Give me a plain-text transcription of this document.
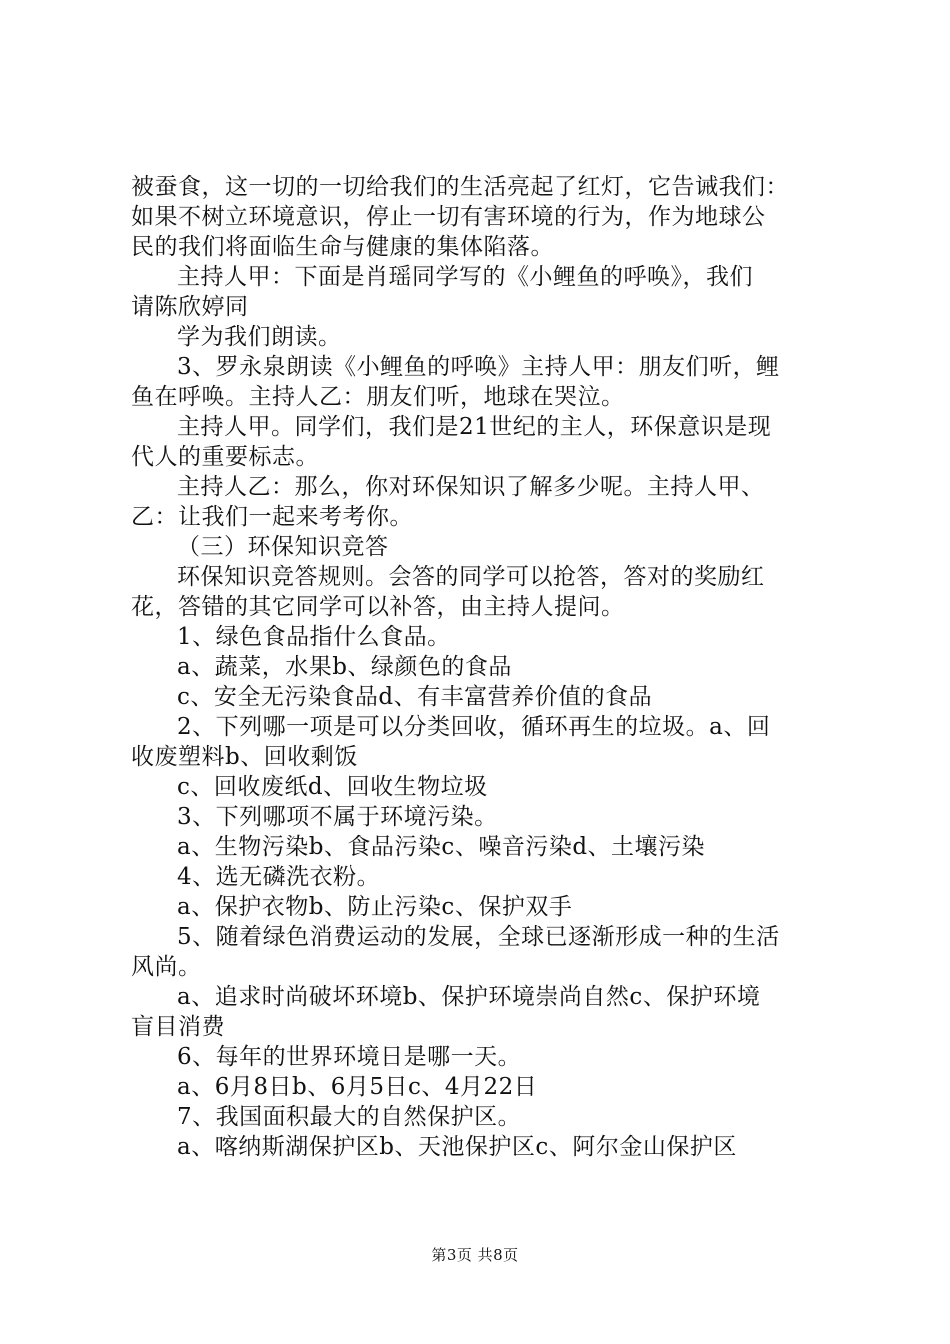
被蚕食，这一切的一切给我们的生活亮起了红灯，它告诫我们：
如果不树立环境意识，停止一切有害环境的行为，作为地球公
民的我们将面临生命与健康的集体陷落。
主持人甲：下面是肖瑶同学写的《小鲤鱼的呼唤》，我们
请陈欣婷同
学为我们朗读。
3、罗永泉朗读《小鲤鱼的呼唤》主持人甲：朋友们听，鲤
鱼在呼唤。主持人乙：朋友们听，地球在哭泣。
主持人甲。同学们，我们是21世纪的主人，环保意识是现
代人的重要标志。
主持人乙：那么，你对环保知识了解多少呢。主持人甲、
乙：让我们一起来考考你。
（三）环保知识竞答
环保知识竞答规则。会答的同学可以抢答，答对的奖励红
花，答错的其它同学可以补答，由主持人提问。
1、绿色食品指什么食品。
a、蔬菜，水果b、绿颜色的食品
c、安全无污染食品d、有丰富营养价值的食品
2、下列哪一项是可以分类回收，循环再生的垃圾。a、回
收废塑料b、回收剩饭
c、回收废纸d、回收生物垃圾
3、下列哪项不属于环境污染。
a、生物污染b、食品污染c、噪音污染d、土壤污染
4、选无磷洗衣粉。
a、保护衣物b、防止污染c、保护双手
5、随着绿色消费运动的发展，全球已逐渐形成一种的生活
风尚。
a、追求时尚破坏环境b、保护环境崇尚自然c、保护环境
盲目消费
6、每年的世界环境日是哪一天。
a、6月8日b、6月5日c、4月22日
7、我国面积最大的自然保护区。
a、喀纳斯湖保护区b、天池保护区c、阿尔金山保护区
第3页 共8页
